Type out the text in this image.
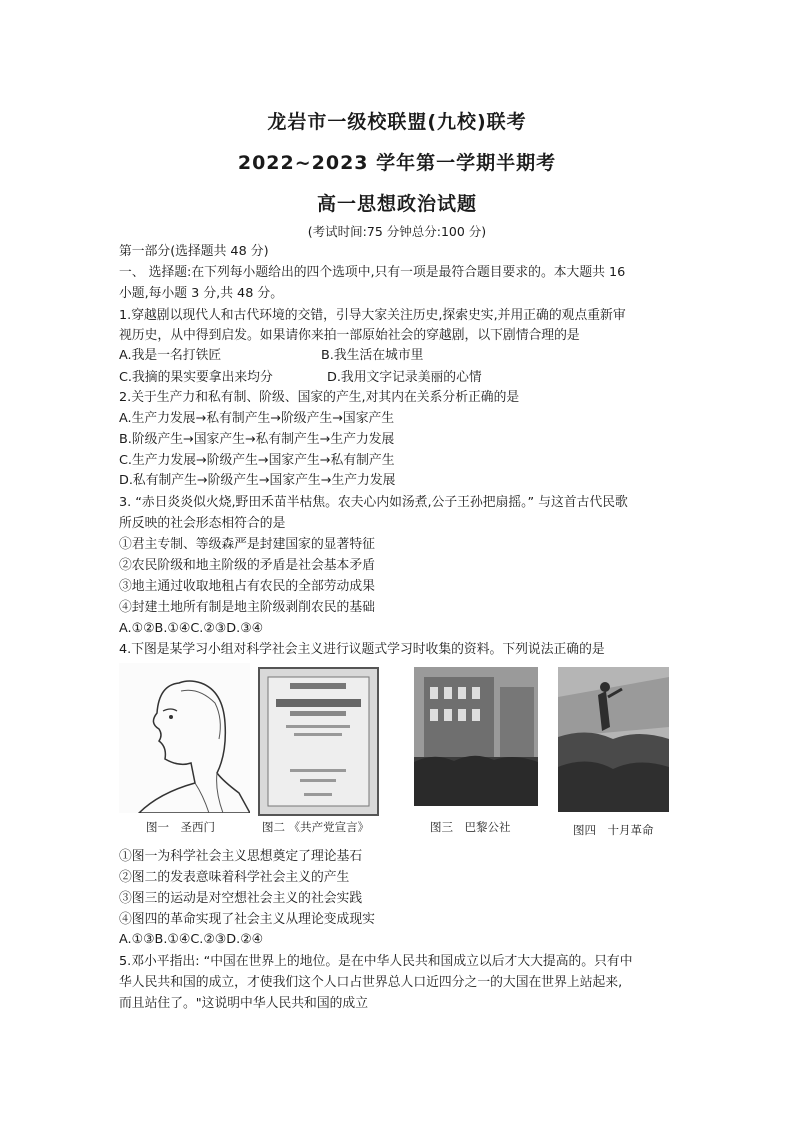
龙岩市一级校联盟(九校)联考
2022~2023 学年第一学期半期考
高一思想政治试题
(考试时间:75 分钟总分:100 分)
第一部分(选择题共 48 分)
一、 选择题:在下列每小题给出的四个选项中,只有一项是最符合题目要求的。本大题共 16
小题,每小题 3 分,共 48 分。
1.穿越剧以现代人和古代环境的交错，引导大家关注历史,探索史实,并用正确的观点重新审
视历史，从中得到启发。如果请你来拍一部原始社会的穿越剧，以下剧情合理的是
A.我是一名打铁匠	B.我生活在城市里
C.我摘的果实要拿出来均分	D.我用文字记录美丽的心情
2.关于生产力和私有制、阶级、国家的产生,对其内在关系分析正确的是
A.生产力发展→私有制产生→阶级产生→国家产生
B.阶级产生→国家产生→私有制产生→生产力发展
C.生产力发展→阶级产生→国家产生→私有制产生
D.私有制产生→阶级产生→国家产生→生产力发展
3. “赤日炎炎似火烧,野田禾苗半枯焦。农夫心内如汤煮,公子王孙把扇摇。” 与这首古代民歌
所反映的社会形态相符合的是
①君主专制、等级森严是封建国家的显著特征
②农民阶级和地主阶级的矛盾是社会基本矛盾
③地主通过收取地租占有农民的全部劳动成果
④封建土地所有制是地主阶级剥削农民的基础
A.①②B.①④C.②③D.③④
4.下图是某学习小组对科学社会主义进行议题式学习时收集的资料。下列说法正确的是
图一　圣西门	图二 《共产党宣言》	图三　巴黎公社	图四　十月革命
①图一为科学社会主义思想奠定了理论基石
②图二的发表意味着科学社会主义的产生
③图三的运动是对空想社会主义的社会实践
④图四的革命实现了社会主义从理论变成现实
A.①③B.①④C.②③D.②④
5.邓小平指出: “中国在世界上的地位。是在中华人民共和国成立以后才大大提高的。只有中
华人民共和国的成立，才使我们这个人口占世界总人口近四分之一的大国在世界上站起来,
而且站住了。"这说明中华人民共和国的成立
